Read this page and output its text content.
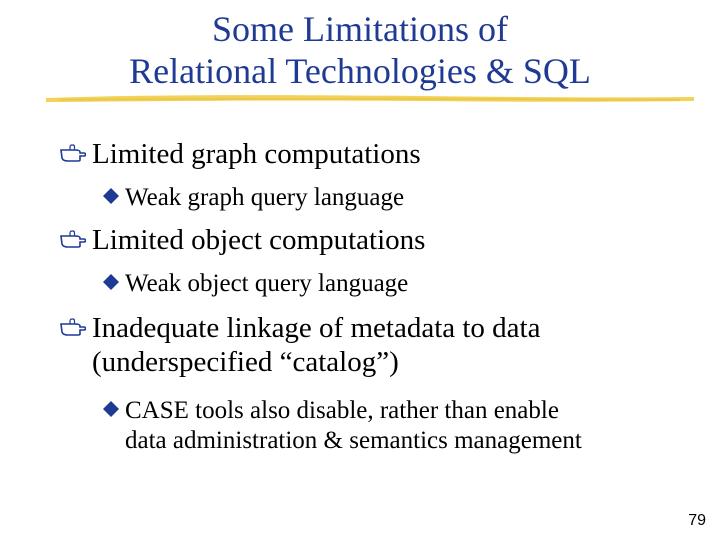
Some Limitations of
Relational Technologies & SQL
Limited graph computations
Weak graph query language
Limited object computations
Weak object query language
Inadequate linkage of metadata to data
(underspecified “catalog”)
CASE tools also disable, rather than enable
data administration & semantics management
79
